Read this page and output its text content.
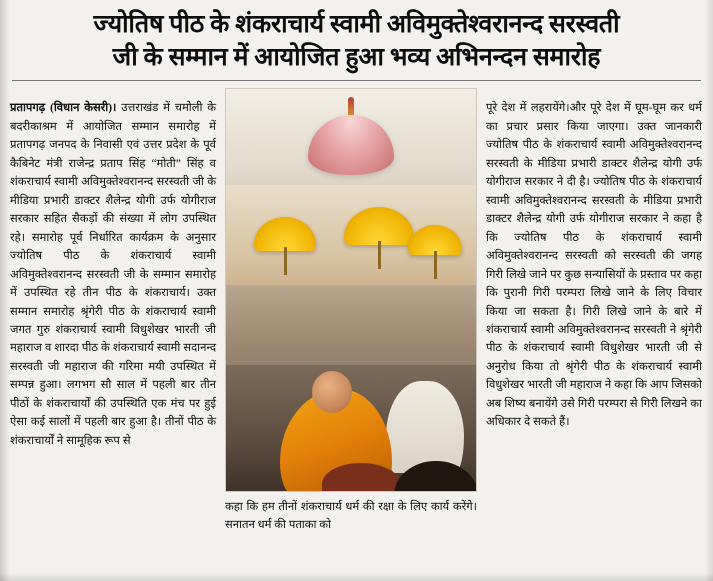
ज्योतिष पीठ के शंकराचार्य स्वामी अविमुक्तेश्वरानन्द सरस्वती
जी के सम्मान में आयोजित हुआ भव्य अभिनन्दन समारोह

प्रतापगढ़ (विधान केसरी)। उत्तराखंड में चमोली के बदरीकाश्रम में आयोजित सम्मान समारोह में प्रतापगढ़ जनपद के निवासी एवं उत्तर प्रदेश के पूर्व कैबिनेट मंत्री राजेन्द्र प्रताप सिंह “मोती” सिंह व शंकराचार्य स्वामी अविमुक्तेश्वरानन्द सरस्वती जी के मीडिया प्रभारी डाक्टर शैलेन्द्र योगी उर्फ योगीराज सरकार सहित सैकड़ों की संख्या में लोग उपस्थित रहे। समारोह पूर्व निर्धारित कार्यक्रम के अनुसार ज्योतिष पीठ के शंकराचार्य स्वामी अविमुक्तेश्वरानन्द सरस्वती जी के सम्मान समारोह में उपस्थित रहे तीन पीठ के शंकराचार्य। उक्त सम्मान समारोह श्रृंगेरी पीठ के शंकराचार्य स्वामी जगत गुरु शंकराचार्य स्वामी विधुशेखर भारती जी महाराज व शारदा पीठ के शंकराचार्य स्वामी सदानन्द सरस्वती जी महाराज की गरिमा मयी उपस्थित में सम्पन्न हुआ। लगभग सौ साल में पहली बार तीन पीठों के शंकराचार्यों की उपस्थिति एक मंच पर हुई ऐसा कई सालों में पहली बार हुआ है। तीनों पीठ के शंकराचार्यों ने सामूहिक रूप से

कहा कि हम तीनों शंकराचार्य धर्म की रक्षा के लिए कार्य करेंगे। सनातन धर्म की पताका को

पूरे देश में लहरायेंगे।और पूरे देश में घूम-घूम कर धर्म का प्रचार प्रसार किया जाएगा। उक्त जानकारी ज्योतिष पीठ के शंकराचार्य स्वामी अविमुक्तेश्वरानन्द सरस्वती के मीडिया प्रभारी डाक्टर शैलेन्द्र योगी उर्फ योगीराज सरकार ने दी है। ज्योतिष पीठ के शंकराचार्य स्वामी अविमुक्तेश्वरानन्द सरस्वती के मीडिया प्रभारी डाक्टर शैलेन्द्र योगी उर्फ योगीराज सरकार ने कहा है कि ज्योतिष पीठ के शंकराचार्य स्वामी अविमुक्तेश्वरानन्द सरस्वती को सरस्वती की जगह गिरी लिखे जाने पर कुछ सन्यासियों के प्रस्ताव पर कहा कि पुरानी गिरी परम्परा लिखे जाने के लिए विचार किया जा सकता है। गिरी लिखे जाने के बारे में शंकराचार्य स्वामी अविमुक्तेश्वरानन्द सरस्वती ने श्रृंगेरी पीठ के शंकराचार्य स्वामी विधुशेखर भारती जी से अनुरोध किया तो श्रृंगेरी पीठ के शंकराचार्य स्वामी विधुशेखर भारती जी महाराज ने कहा कि आप जिसको अब शिष्य बनायेंगे उसे गिरी परम्परा से गिरी लिखने का अधिकार दे सकते हैं।
